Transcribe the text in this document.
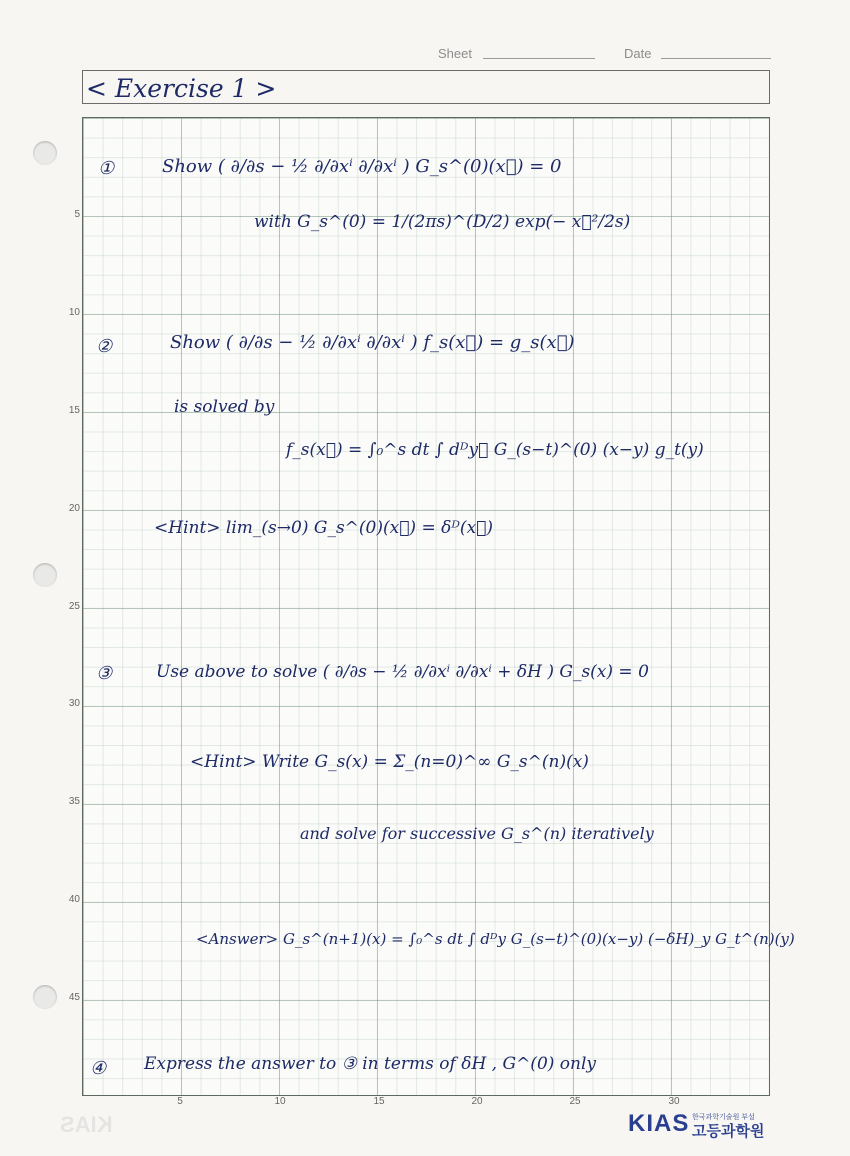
Sheet	Date
< Exercise 1 >
5
10
15
20
25
30
35
40
45
5	10	15	20	25	30
①	Show ( ∂/∂s − ½ ∂/∂xⁱ ∂/∂xⁱ ) G_s^(0)(x⃗) = 0
with G_s^(0) = 1/(2πs)^(D/2) exp(− x⃗²/2s)
②	Show ( ∂/∂s − ½ ∂/∂xⁱ ∂/∂xⁱ ) f_s(x⃗) = g_s(x⃗)
is solved by
f_s(x⃗) = ∫₀^s dt ∫ dᴰy⃗ G_(s−t)^(0) (x−y) g_t(y)
<Hint> lim_(s→0) G_s^(0)(x⃗) = δᴰ(x⃗)
③	Use above to solve ( ∂/∂s − ½ ∂/∂xⁱ ∂/∂xⁱ + δH ) G_s(x) = 0
<Hint> Write G_s(x) = Σ_(n=0)^∞ G_s^(n)(x)
and solve for successive G_s^(n) iteratively
<Answer> G_s^(n+1)(x) = ∫₀^s dt ∫ dᴰy G_(s−t)^(0)(x−y) (−δH)_y G_t^(n)(y)
④ Express the answer to ③ in terms of δH , G^(0) only
KIAS	KIAS 한국과학기술원 부설
고등과학원
